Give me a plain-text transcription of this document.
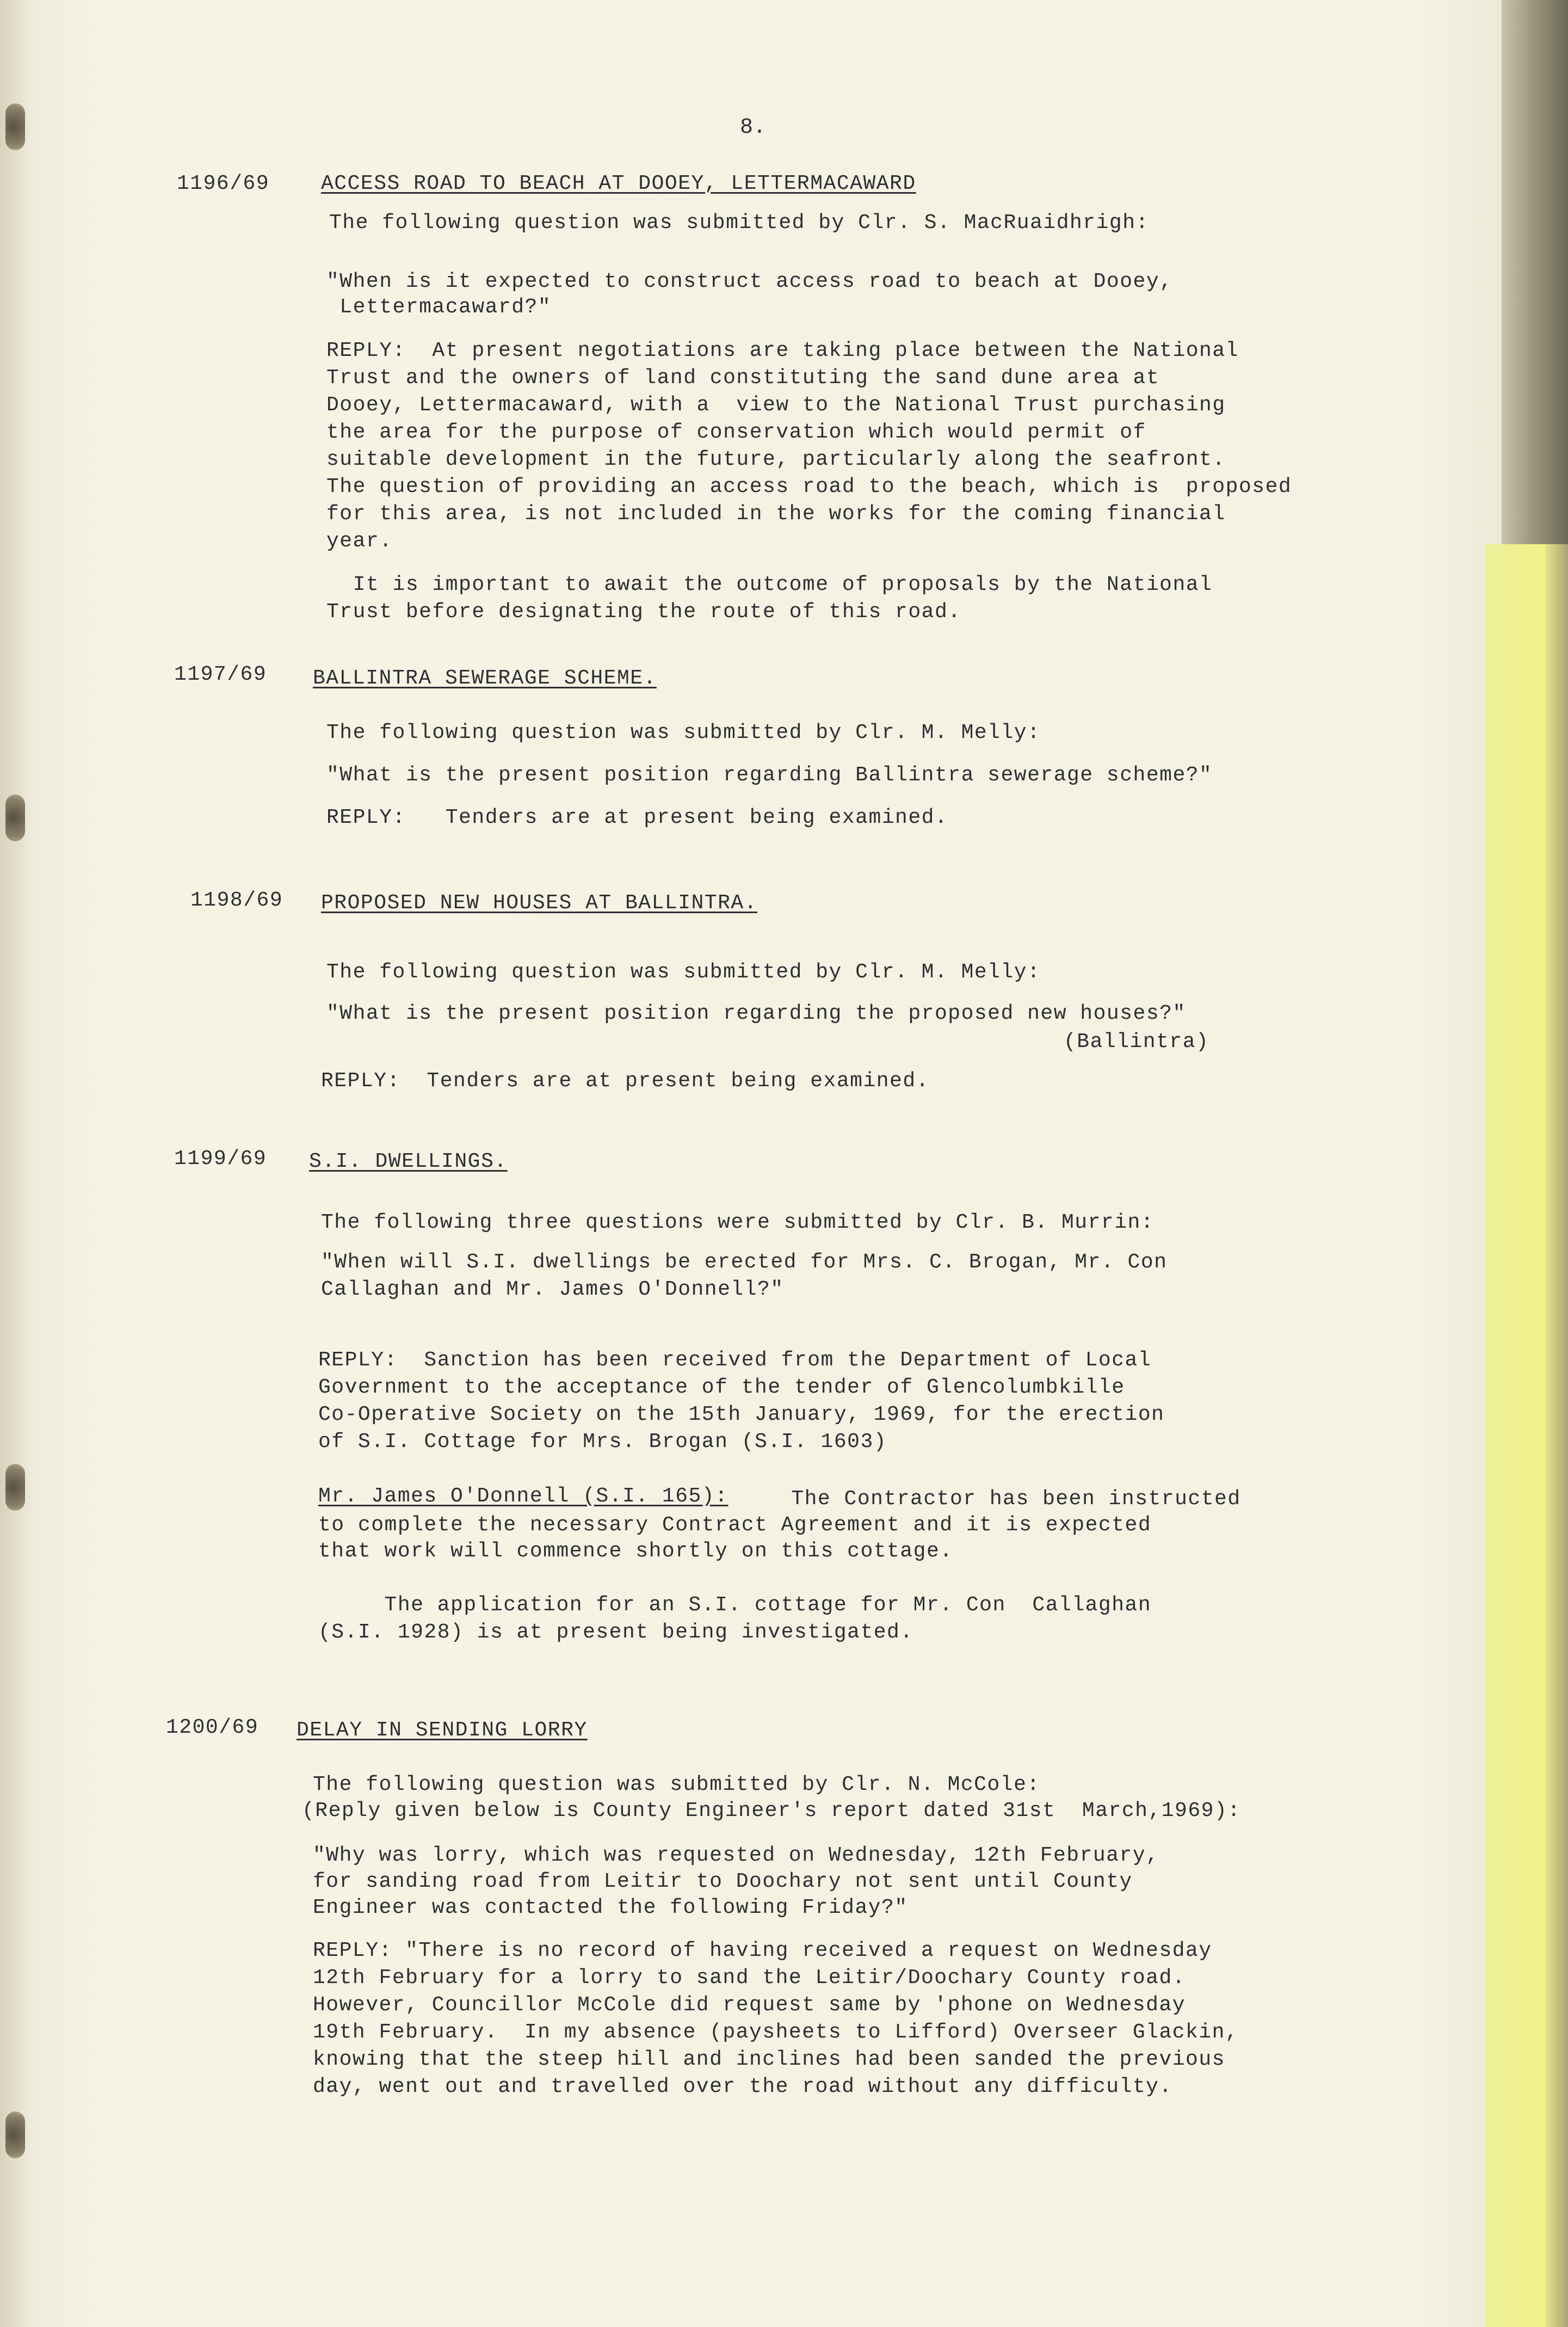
8.
1196/69 ACCESS ROAD TO BEACH AT DOOEY, LETTERMACAWARD
The following question was submitted by Clr. S. MacRuaidhrigh:
"When is it expected to construct access road to beach at Dooey,
Lettermacaward?"
REPLY:  At present negotiations are taking place between the National
Trust and the owners of land constituting the sand dune area at
Dooey, Lettermacaward, with a  view to the National Trust purchasing
the area for the purpose of conservation which would permit of
suitable development in the future, particularly along the seafront.
The question of providing an access road to the beach, which is  proposed
for this area, is not included in the works for the coming financial
year.
It is important to await the outcome of proposals by the National
Trust before designating the route of this road.
1197/69 BALLINTRA SEWERAGE SCHEME.
The following question was submitted by Clr. M. Melly:
"What is the present position regarding Ballintra sewerage scheme?"
REPLY:   Tenders are at present being examined.
1198/69 PROPOSED NEW HOUSES AT BALLINTRA.
The following question was submitted by Clr. M. Melly:
"What is the present position regarding the proposed new houses?"
(Ballintra)
REPLY:  Tenders are at present being examined.
1199/69 S.I. DWELLINGS.
The following three questions were submitted by Clr. B. Murrin:
"When will S.I. dwellings be erected for Mrs. C. Brogan, Mr. Con
Callaghan and Mr. James O'Donnell?"
REPLY:  Sanction has been received from the Department of Local
Government to the acceptance of the tender of Glencolumbkille
Co-Operative Society on the 15th January, 1969, for the erection
of S.I. Cottage for Mrs. Brogan (S.I. 1603)
Mr. James O'Donnell (S.I. 165): The Contractor has been instructed
to complete the necessary Contract Agreement and it is expected
that work will commence shortly on this cottage.
The application for an S.I. cottage for Mr. Con  Callaghan
(S.I. 1928) is at present being investigated.
1200/69 DELAY IN SENDING LORRY
The following question was submitted by Clr. N. McCole:
(Reply given below is County Engineer's report dated 31st  March,1969):
"Why was lorry, which was requested on Wednesday, 12th February,
for sanding road from Leitir to Doochary not sent until County
Engineer was contacted the following Friday?"
REPLY: "There is no record of having received a request on Wednesday
12th February for a lorry to sand the Leitir/Doochary County road.
However, Councillor McCole did request same by 'phone on Wednesday
19th February.  In my absence (paysheets to Lifford) Overseer Glackin,
knowing that the steep hill and inclines had been sanded the previous
day, went out and travelled over the road without any difficulty.
